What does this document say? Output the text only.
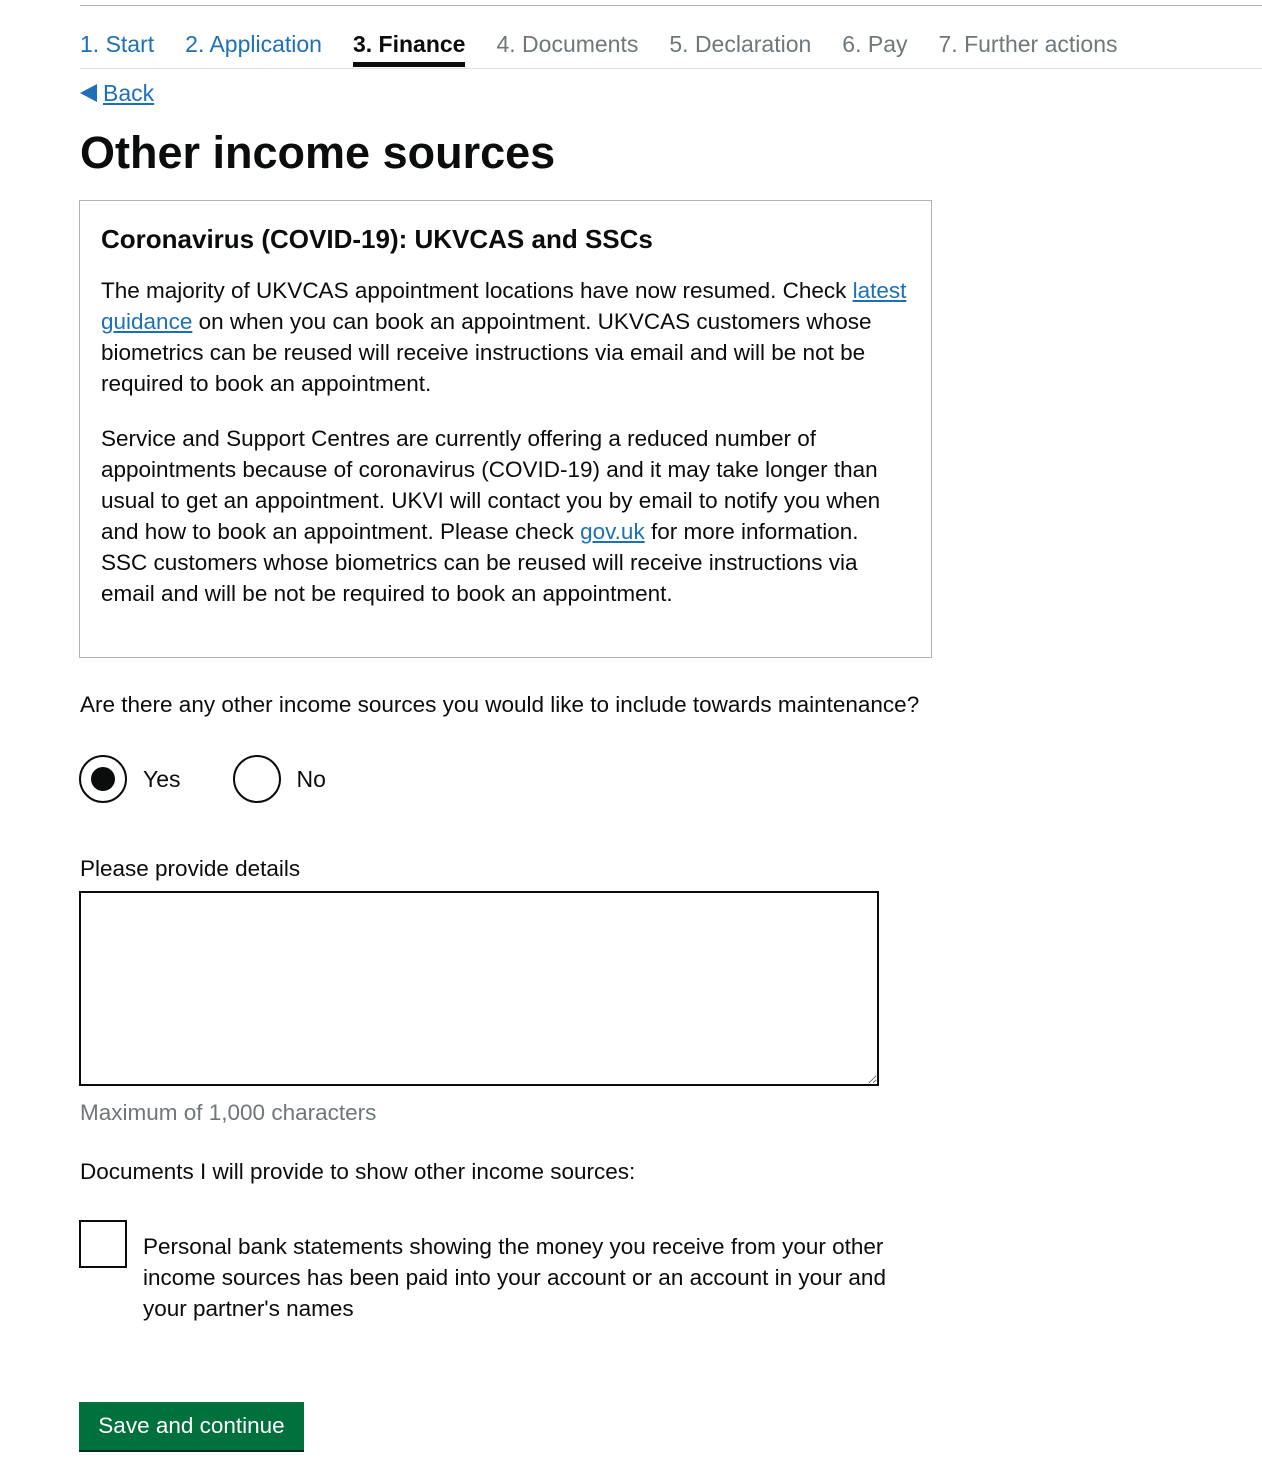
1. Start 2. Application 3. Finance 4. Documents 5. Declaration 6. Pay 7. Further actions
Back
Other income sources
Coronavirus (COVID-19): UKVCAS and SSCs

The majority of UKVCAS appointment locations have now resumed. Check latest guidance on when you can book an appointment. UKVCAS customers whose biometrics can be reused will receive instructions via email and will be not be required to book an appointment.

Service and Support Centres are currently offering a reduced number of appointments because of coronavirus (COVID-19) and it may take longer than usual to get an appointment. UKVI will contact you by email to notify you when and how to book an appointment. Please check gov.uk for more information. SSC customers whose biometrics can be reused will receive instructions via email and will be not be required to book an appointment.

Are there any other income sources you would like to include towards maintenance?

Yes	No

Please provide details

Maximum of 1,000 characters

Documents I will provide to show other income sources:

Personal bank statements showing the money you receive from your other income sources has been paid into your account or an account in your and your partner's names
Save and continue
